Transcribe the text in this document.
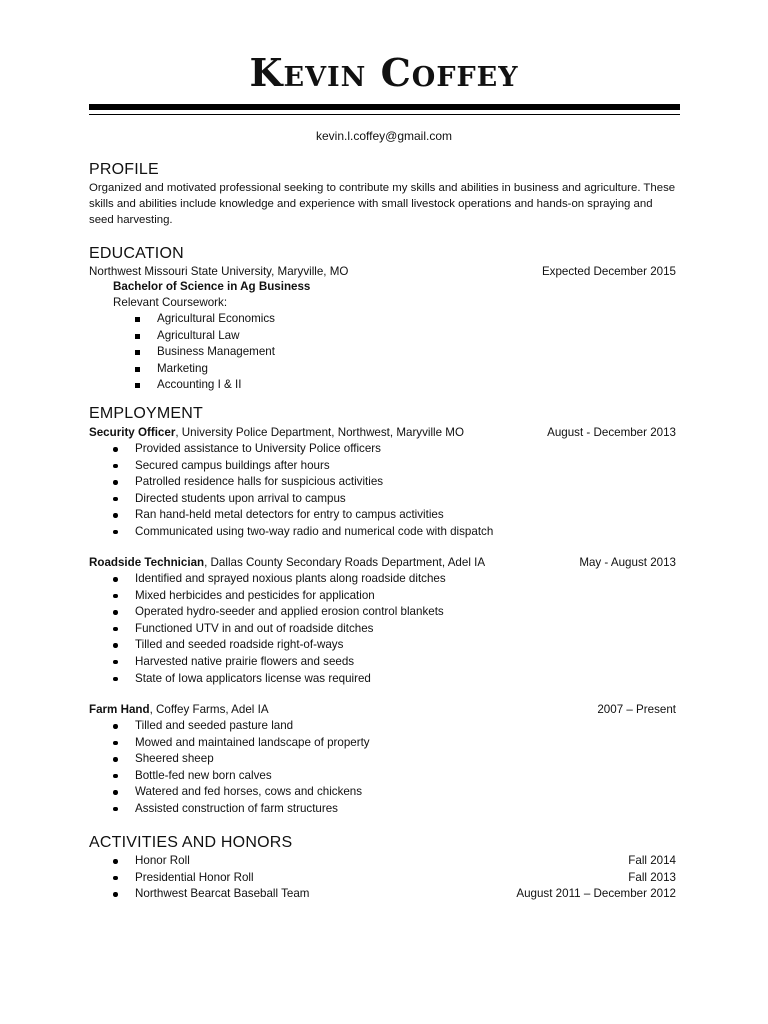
Kevin Coffey

kevin.l.coffey@gmail.com

PROFILE

Organized and motivated professional seeking to contribute my skills and abilities in business and agriculture. These skills and abilities include knowledge and experience with small livestock operations and hands-on spraying and seed harvesting.

EDUCATION
Northwest Missouri State University, Maryville, MO	Expected December 2015

Bachelor of Science in Ag Business

Relevant Coursework:

Agricultural Economics
Agricultural Law
Business Management
Marketing
Accounting I & II
EMPLOYMENT
Security Officer, University Police Department, Northwest, Maryville MO	August - December 2013
Provided assistance to University Police officers
Secured campus buildings after hours
Patrolled residence halls for suspicious activities
Directed students upon arrival to campus
Ran hand-held metal detectors for entry to campus activities
Communicated using two-way radio and numerical code with dispatch
Roadside Technician, Dallas County Secondary Roads Department, Adel IA	May - August 2013
Identified and sprayed noxious plants along roadside ditches
Mixed herbicides and pesticides for application
Operated hydro-seeder and applied erosion control blankets
Functioned UTV in and out of roadside ditches
Tilled and seeded roadside right-of-ways
Harvested native prairie flowers and seeds
State of Iowa applicators license was required
Farm Hand, Coffey Farms, Adel IA	2007 – Present
Tilled and seeded pasture land
Mowed and maintained landscape of property
Sheered sheep
Bottle-fed new born calves
Watered and fed horses, cows and chickens
Assisted construction of farm structures
ACTIVITIES AND HONORS
Honor Roll	Fall 2014
Presidential Honor Roll	Fall 2013
Northwest Bearcat Baseball Team	August 2011 – December 2012
